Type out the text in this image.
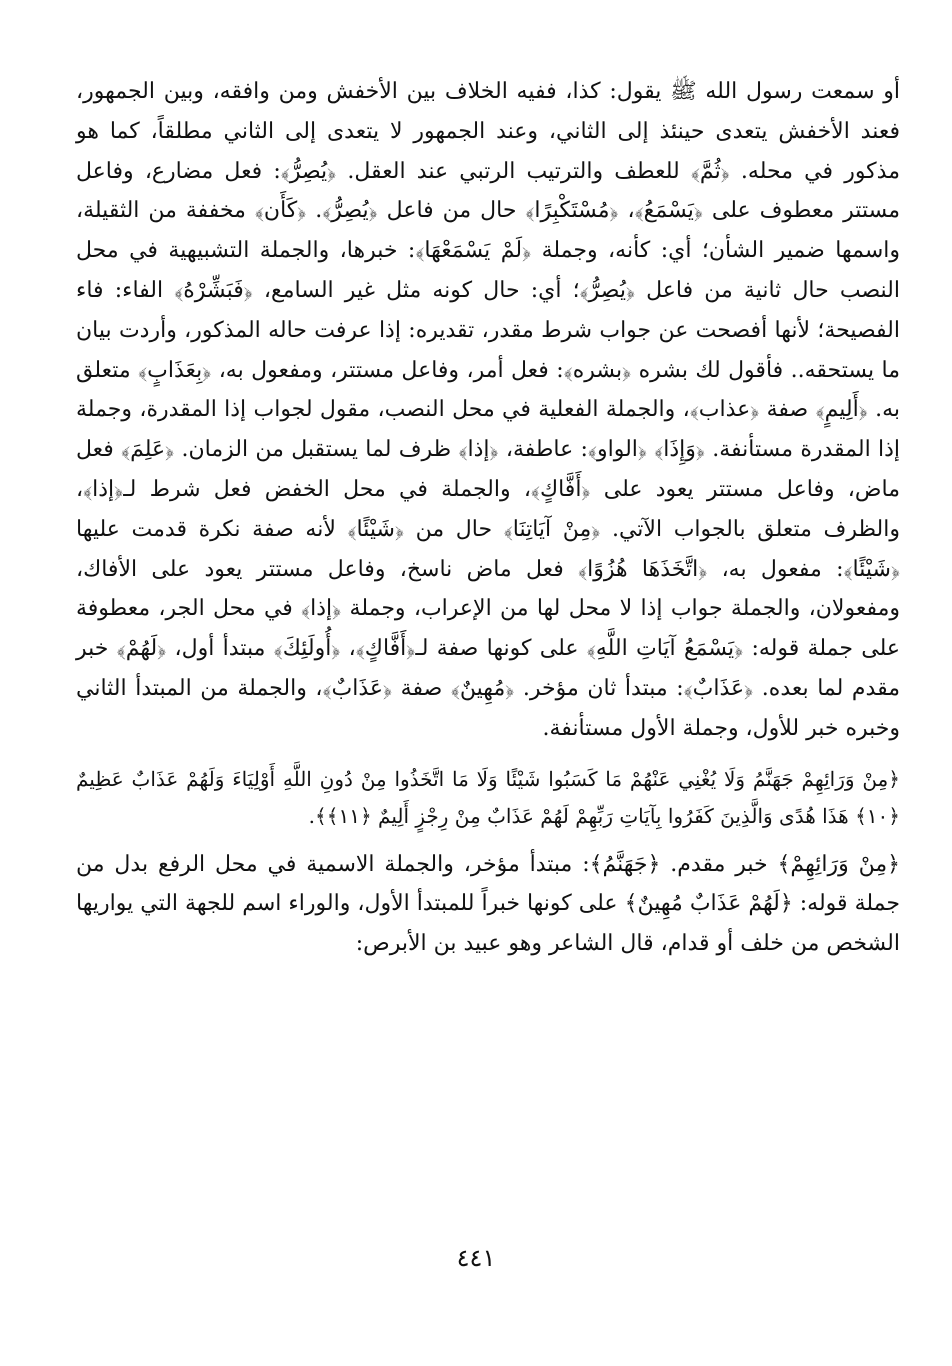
أو سمعت رسول الله ﷺ يقول: كذا، ففيه الخلاف بين الأخفش ومن وافقه، وبين الجمهور، فعند الأخفش يتعدى حينئذ إلى الثاني، وعند الجمهور لا يتعدى إلى الثاني مطلقاً، كما هو مذكور في محله. ﴿ثُمَّ﴾ للعطف والترتيب الرتبي عند العقل. ﴿يُصِرُّ﴾: فعل مضارع، وفاعل مستتر معطوف على ﴿يَسْمَعُ﴾، ﴿مُسْتَكْبِرًا﴾ حال من فاعل ﴿يُصِرُّ﴾. ﴿كَأَن﴾ مخففة من الثقيلة، واسمها ضمير الشأن؛ أي: كأنه، وجملة ﴿لَمْ يَسْمَعْهَا﴾: خبرها، والجملة التشبيهية في محل النصب حال ثانية من فاعل ﴿يُصِرُّ﴾؛ أي: حال كونه مثل غير السامع، ﴿فَبَشِّرْهُ﴾ الفاء: فاء الفصيحة؛ لأنها أفصحت عن جواب شرط مقدر، تقديره: إذا عرفت حاله المذكور، وأردت بيان ما يستحقه.. فأقول لك بشره ﴿بشره﴾: فعل أمر، وفاعل مستتر، ومفعول به، ﴿بِعَذَابٍ﴾ متعلق به. ﴿أَلِيمٍ﴾ صفة ﴿عذاب﴾، والجملة الفعلية في محل النصب، مقول لجواب إذا المقدرة، وجملة إذا المقدرة مستأنفة. ﴿وَإِذَا﴾ ﴿الواو﴾: عاطفة، ﴿إذا﴾ ظرف لما يستقبل من الزمان. ﴿عَلِمَ﴾ فعل ماض، وفاعل مستتر يعود على ﴿أَفَّاكٍ﴾، والجملة في محل الخفض فعل شرط لـ﴿إذا﴾، والظرف متعلق بالجواب الآتي. ﴿مِنْ آيَاتِنَا﴾ حال من ﴿شَيْئًا﴾ لأنه صفة نكرة قدمت عليها ﴿شَيْئًا﴾: مفعول به، ﴿اتَّخَذَهَا هُزُوًا﴾ فعل ماض ناسخ، وفاعل مستتر يعود على الأفاك، ومفعولان، والجملة جواب إذا لا محل لها من الإعراب، وجملة ﴿إذا﴾ في محل الجر، معطوفة على جملة قوله: ﴿يَسْمَعُ آيَاتِ اللَّهِ﴾ على كونها صفة لـ﴿أَفَّاكٍ﴾، ﴿أُولَئِكَ﴾ مبتدأ أول، ﴿لَهُمْ﴾ خبر مقدم لما بعده. ﴿عَذَابٌ﴾: مبتدأ ثان مؤخر. ﴿مُهِينٌ﴾ صفة ﴿عَذَابٌ﴾، والجملة من المبتدأ الثاني وخبره خبر للأول، وجملة الأول مستأنفة.

﴿مِنْ وَرَائِهِمْ جَهَنَّمُ وَلَا يُغْنِي عَنْهُمْ مَا كَسَبُوا شَيْئًا وَلَا مَا اتَّخَذُوا مِنْ دُونِ اللَّهِ أَوْلِيَاءَ وَلَهُمْ عَذَابٌ عَظِيمٌ ﴿١٠﴾ هَذَا هُدًى وَالَّذِينَ كَفَرُوا بِآيَاتِ رَبِّهِمْ لَهُمْ عَذَابٌ مِنْ رِجْزٍ أَلِيمٌ ﴿١١﴾﴾.

﴿مِنْ وَرَائِهِمْ﴾ خبر مقدم. ﴿جَهَنَّمُ﴾: مبتدأ مؤخر، والجملة الاسمية في محل الرفع بدل من جملة قوله: ﴿لَهُمْ عَذَابٌ مُهِينٌ﴾ على كونها خبراً للمبتدأ الأول، والوراء اسم للجهة التي يواريها الشخص من خلف أو قدام، قال الشاعر وهو عبيد بن الأبرص:

٤٤١
